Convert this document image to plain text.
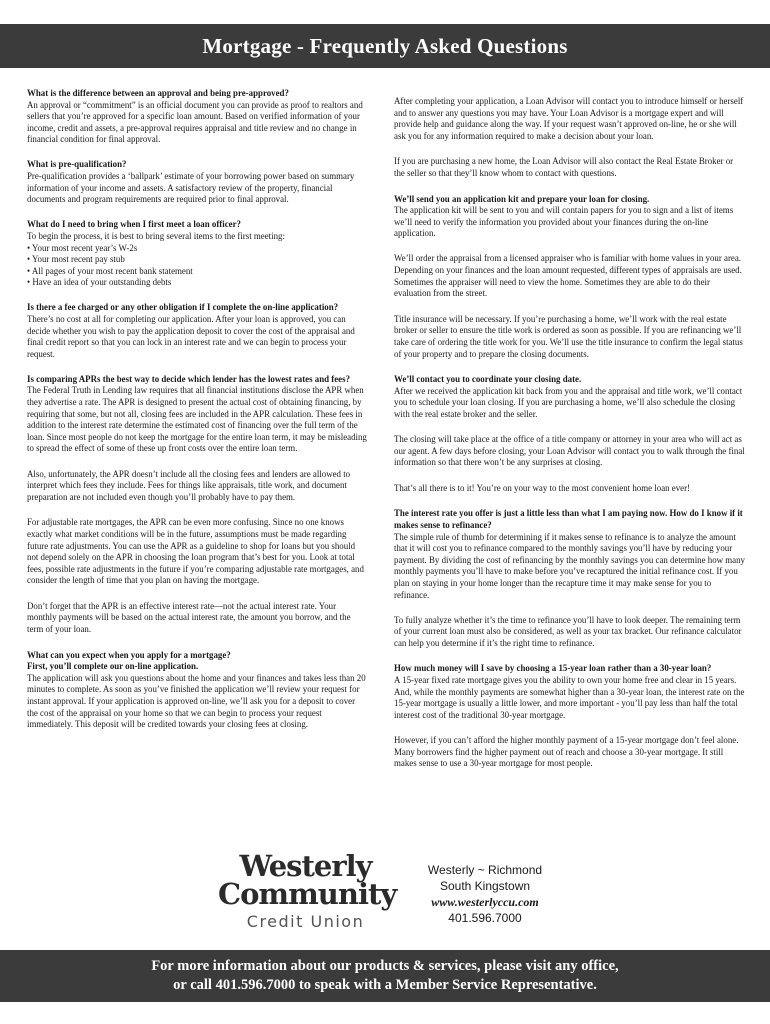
Mortgage - Frequently Asked Questions
What is the difference between an approval and being pre-approved?
An approval or “commitment” is an official document you can provide as proof to realtors and sellers that you’re approved for a specific loan amount. Based on verified information of your income, credit and assets, a pre-approval requires appraisal and title review and no change in financial condition for final approval.
What is pre-qualification?
Pre-qualification provides a ‘ballpark’ estimate of your borrowing power based on summary information of your income and assets. A satisfactory review of the property, financial documents and program requirements are required prior to final approval.
What do I need to bring when I first meet a loan officer?
To begin the process, it is best to bring several items to the first meeting:
• Your most recent year’s W-2s
• Your most recent pay stub
• All pages of your most recent bank statement
• Have an idea of your outstanding debts
Is there a fee charged or any other obligation if I complete the on-line application?
There’s no cost at all for completing our application. After your loan is approved, you can decide whether you wish to pay the application deposit to cover the cost of the appraisal and final credit report so that you can lock in an interest rate and we can begin to process your request.
Is comparing APRs the best way to decide which lender has the lowest rates and fees?
The Federal Truth in Lending law requires that all financial institutions disclose the APR when they advertise a rate. The APR is designed to present the actual cost of obtaining financing, by requiring that some, but not all, closing fees are included in the APR calculation. These fees in addition to the interest rate determine the estimated cost of financing over the full term of the loan. Since most people do not keep the mortgage for the entire loan term, it may be misleading to spread the effect of some of these up front costs over the entire loan term.
Also, unfortunately, the APR doesn’t include all the closing fees and lenders are allowed to interpret which fees they include. Fees for things like appraisals, title work, and document preparation are not included even though you’ll probably have to pay them.
For adjustable rate mortgages, the APR can be even more confusing. Since no one knows exactly what market conditions will be in the future, assumptions must be made regarding future rate adjustments. You can use the APR as a guideline to shop for loans but you should not depend solely on the APR in choosing the loan program that’s best for you. Look at total fees, possible rate adjustments in the future if you’re comparing adjustable rate mortgages, and consider the length of time that you plan on having the mortgage.
Don’t forget that the APR is an effective interest rate—not the actual interest rate. Your monthly payments will be based on the actual interest rate, the amount you borrow, and the term of your loan.
What can you expect when you apply for a mortgage?
First, you’ll complete our on-line application.
The application will ask you questions about the home and your finances and takes less than 20 minutes to complete. As soon as you’ve finished the application we’ll review your request for instant approval. If your application is approved on-line, we’ll ask you for a deposit to cover the cost of the appraisal on your home so that we can begin to process your request immediately. This deposit will be credited towards your closing fees at closing.
After completing your application, a Loan Advisor will contact you to introduce himself or herself and to answer any questions you may have. Your Loan Advisor is a mortgage expert and will provide help and guidance along the way. If your request wasn’t approved on-line, he or she will ask you for any information required to make a decision about your loan.
If you are purchasing a new home, the Loan Advisor will also contact the Real Estate Broker or the seller so that they’ll know whom to contact with questions.
We’ll send you an application kit and prepare your loan for closing.
The application kit will be sent to you and will contain papers for you to sign and a list of items we’ll need to verify the information you provided about your finances during the on-line application.
We’ll order the appraisal from a licensed appraiser who is familiar with home values in your area. Depending on your finances and the loan amount requested, different types of appraisals are used. Sometimes the appraiser will need to view the home. Sometimes they are able to do their evaluation from the street.
Title insurance will be necessary. If you’re purchasing a home, we’ll work with the real estate broker or seller to ensure the title work is ordered as soon as possible. If you are refinancing we’ll take care of ordering the title work for you. We’ll use the title insurance to confirm the legal status of your property and to prepare the closing documents.
We’ll contact you to coordinate your closing date.
After we received the application kit back from you and the appraisal and title work, we’ll contact you to schedule your loan closing. If you are purchasing a home, we’ll also schedule the closing with the real estate broker and the seller.
The closing will take place at the office of a title company or attorney in your area who will act as our agent. A few days before closing, your Loan Advisor will contact you to walk through the final information so that there won’t be any surprises at closing.
That’s all there is to it! You’re on your way to the most convenient home loan ever!
The interest rate you offer is just a little less than what I am paying now. How do I know if it makes sense to refinance?
The simple rule of thumb for determining if it makes sense to refinance is to analyze the amount that it will cost you to refinance compared to the monthly savings you’ll have by reducing your payment. By dividing the cost of refinancing by the monthly savings you can determine how many monthly payments you’ll have to make before you’ve recaptured the initial refinance cost. If you plan on staying in your home longer than the recapture time it may make sense for you to refinance.
To fully analyze whether it’s the time to refinance you’ll have to look deeper. The remaining term of your current loan must also be considered, as well as your tax bracket. Our refinance calculator can help you determine if it’s the right time to refinance.
How much money will I save by choosing a 15-year loan rather than a 30-year loan?
A 15-year fixed rate mortgage gives you the ability to own your home free and clear in 15 years. And, while the monthly payments are somewhat higher than a 30-year loan, the interest rate on the 15-year mortgage is usually a little lower, and more important - you’ll pay less than half the total interest cost of the traditional 30-year mortgage.
However, if you can’t afford the higher monthly payment of a 15-year mortgage don’t feel alone. Many borrowers find the higher payment out of reach and choose a 30-year mortgage. It still makes sense to use a 30-year mortgage for most people.
Westerly
Community
Credit Union
Westerly ~ Richmond
South Kingstown
www.westerlyccu.com
401.596.7000
For more information about our products & services, please visit any office,
or call 401.596.7000 to speak with a Member Service Representative.
